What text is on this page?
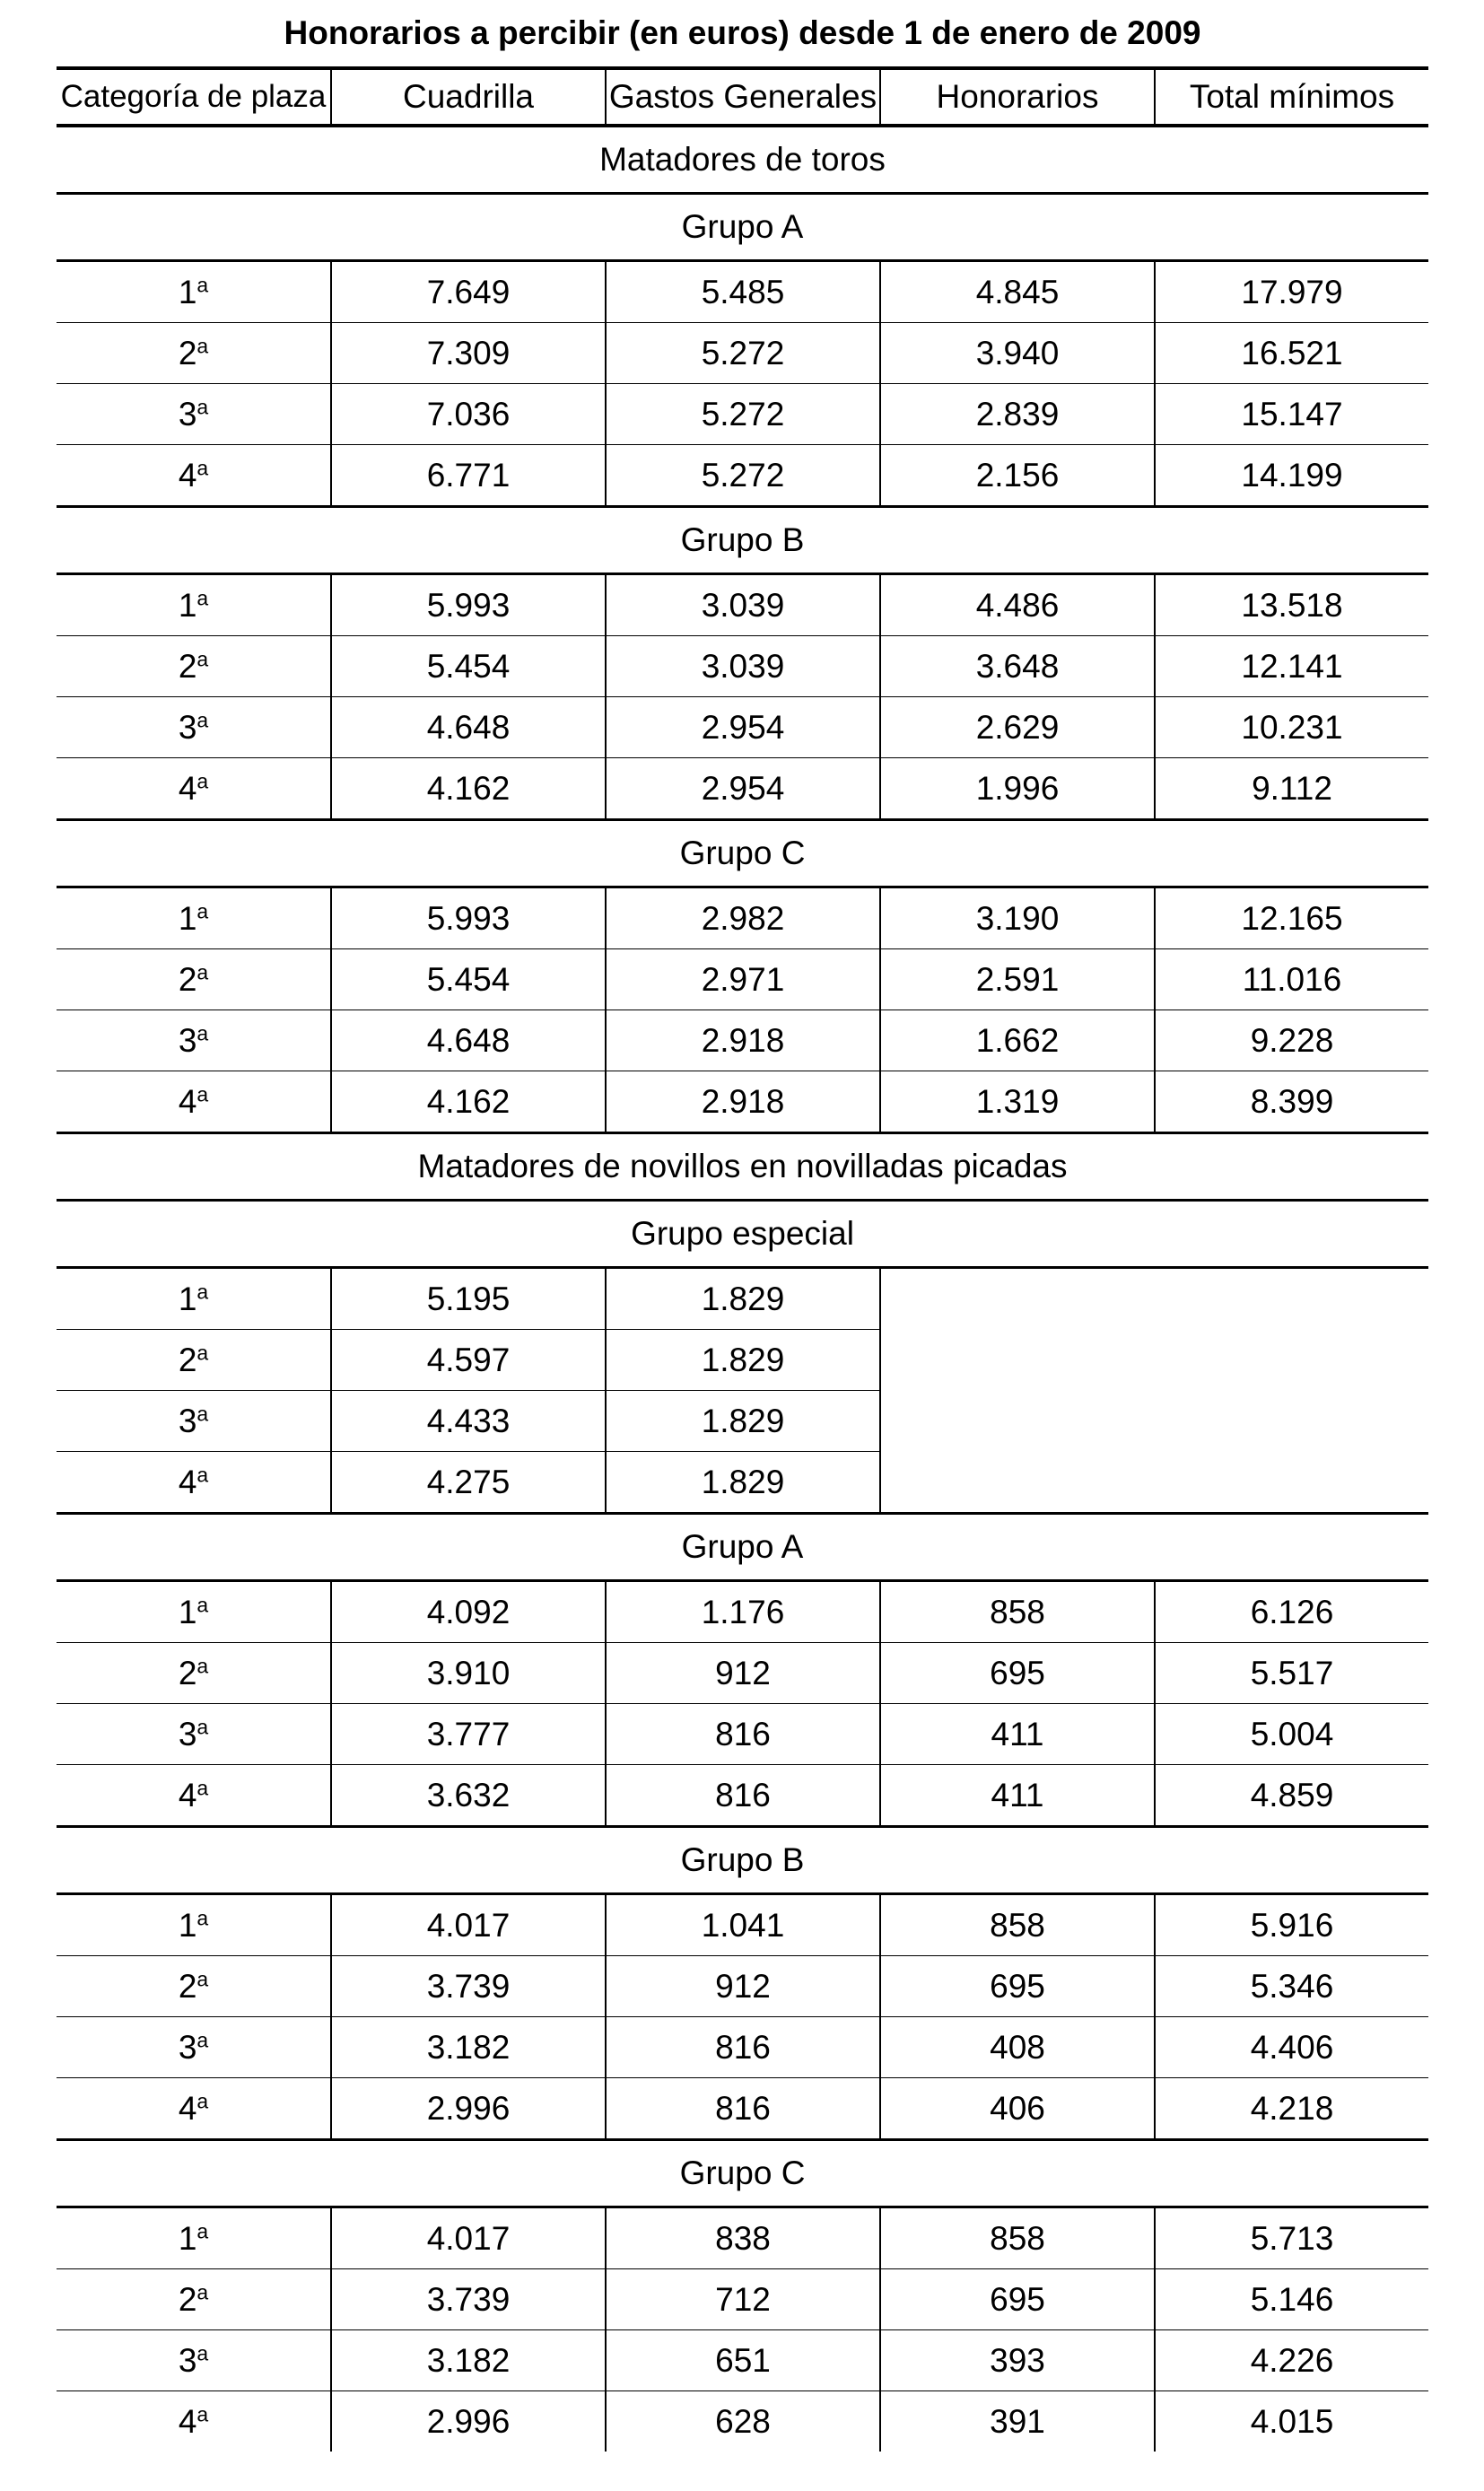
Honorarios a percibir (en euros) desde 1 de enero de 2009
Categoría de plaza	Cuadrilla	Gastos Generales	Honorarios	Total mínimos
Matadores de toros				
Grupo A				
1$^a$	7.649	5.485	4.845	17.979
2$^a$	7.309	5.272	3.940	16.521
3$^a$	7.036	5.272	2.839	15.147
4$^a$	6.771	5.272	2.156	14.199
Grupo B				
1$^a$	5.993	3.039	4.486	13.518
2$^a$	5.454	3.039	3.648	12.141
3$^a$	4.648	2.954	2.629	10.231
4$^a$	4.162	2.954	1.996	9.112
Grupo C				
1$^a$	5.993	2.982	3.190	12.165
2$^a$	5.454	2.971	2.591	11.016
3$^a$	4.648	2.918	1.662	9.228
4$^a$	4.162	2.918	1.319	8.399
Matadores de novillos en novilladas picadas				
Grupo especial				
1$^a$	5.195	1.829		
2$^a$	4.597	1.829		
3$^a$	4.433	1.829		
4$^a$	4.275	1.829		
Grupo A				
1$^a$	4.092	1.176	858	6.126
2$^a$	3.910	912	695	5.517
3$^a$	3.777	816	411	5.004
4$^a$	3.632	816	411	4.859
Grupo B				
1$^a$	4.017	1.041	858	5.916
2$^a$	3.739	912	695	5.346
3$^a$	3.182	816	408	4.406
4$^a$	2.996	816	406	4.218
Grupo C				
1$^a$	4.017	838	858	5.713
2$^a$	3.739	712	695	5.146
3$^a$	3.182	651	393	4.226
4$^a$	2.996	628	391	4.015
